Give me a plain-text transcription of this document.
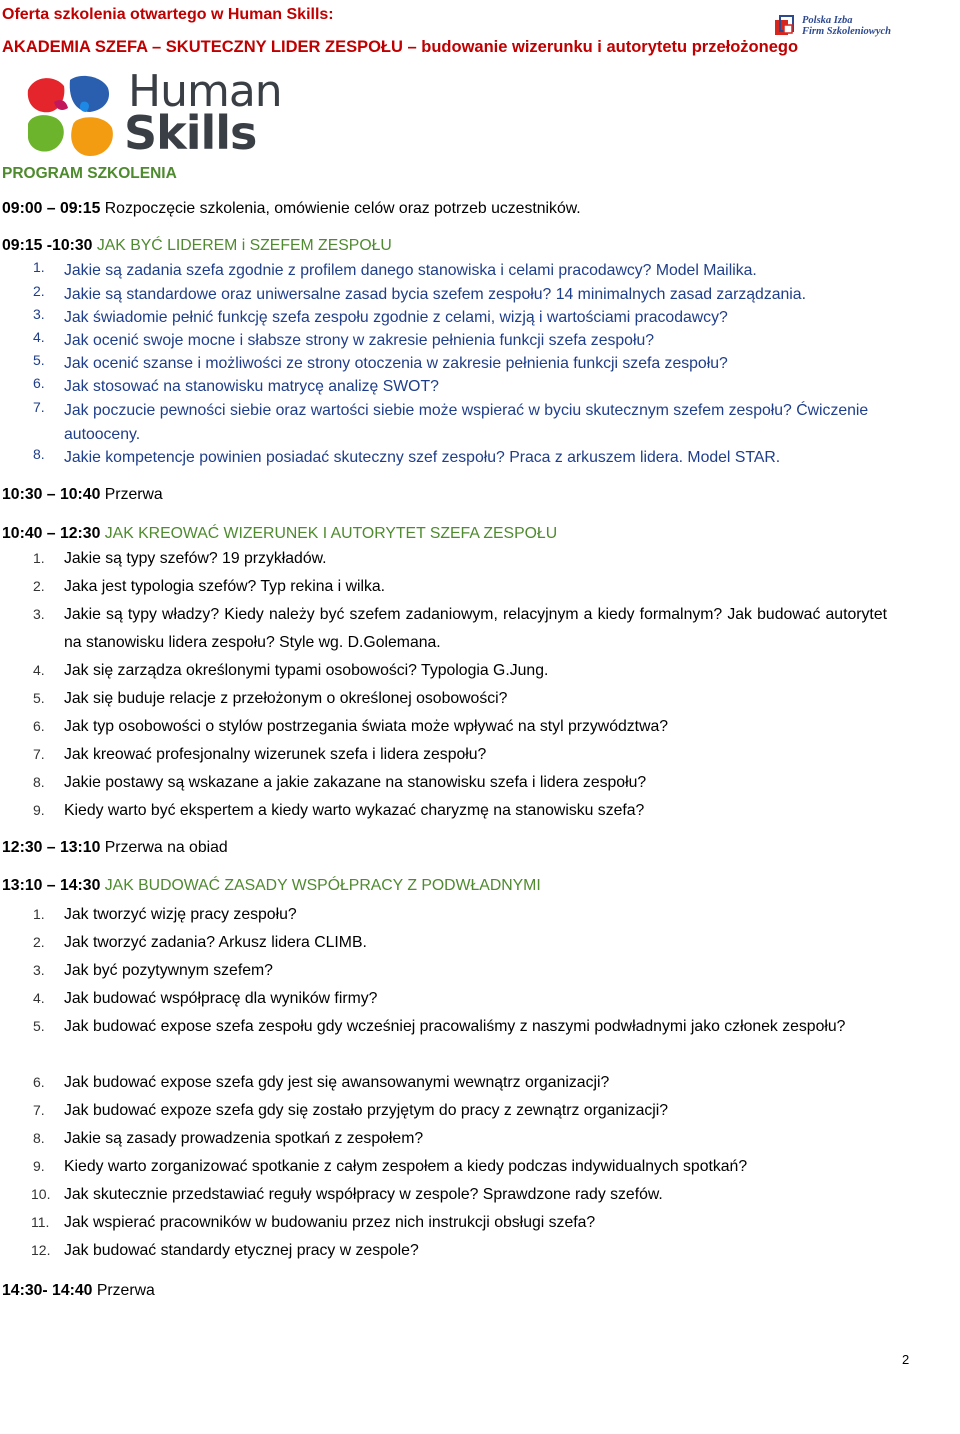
Oferta szkolenia otwartego w Human Skills:

AKADEMIA SZEFA – SKUTECZNY LIDER ZESPOŁU – budowanie wizerunku i autorytetu przełożonego

Polska Izba
Firm Szkoleniowych
Human
Skills

PROGRAM SZKOLENIA

09:00 – 09:15 Rozpoczęcie szkolenia, omówienie celów oraz potrzeb uczestników.
09:15 -10:30 JAK BYĆ LIDEREM i SZEFEM ZESPOŁU
1.	Jakie są zadania szefa zgodnie z profilem danego stanowiska i celami pracodawcy? Model Mailika.
2.	Jakie są standardowe oraz uniwersalne zasad bycia szefem zespołu? 14 minimalnych zasad zarządzania.
3.	Jak świadomie pełnić funkcję szefa zespołu zgodnie z celami, wizją i wartościami pracodawcy?
4.	Jak ocenić swoje mocne i słabsze strony w zakresie pełnienia funkcji szefa zespołu?
5.	Jak ocenić szanse i możliwości ze strony otoczenia w zakresie pełnienia funkcji szefa zespołu?
6.	Jak stosować na stanowisku matrycę analizę SWOT?
7.	Jak poczucie pewności siebie oraz wartości siebie może wspierać w byciu skutecznym szefem zespołu? Ćwiczenie autooceny.
8.	Jakie kompetencje powinien posiadać skuteczny szef zespołu? Praca z arkuszem lidera. Model STAR.
10:30 – 10:40 Przerwa
10:40 – 12:30 JAK KREOWAĆ WIZERUNEK I AUTORYTET SZEFA ZESPOŁU
1.	Jakie są typy szefów? 19 przykładów.
2.	Jaka jest typologia szefów? Typ rekina i wilka.
3.	Jakie są typy władzy? Kiedy należy być szefem zadaniowym, relacyjnym a kiedy formalnym? Jak budować autorytet na stanowisku lidera zespołu? Style wg. D.Golemana.
4.	Jak się zarządza określonymi typami osobowości? Typologia G.Jung.
5.	Jak się buduje relacje z przełożonym o określonej osobowości?
6.	Jak typ osobowości o stylów postrzegania świata może wpływać na styl przywództwa?
7.	Jak kreować profesjonalny wizerunek szefa i lidera zespołu?
8.	Jakie postawy są wskazane a jakie zakazane na stanowisku szefa i lidera zespołu?
9.	Kiedy warto być ekspertem a kiedy warto wykazać charyzmę na stanowisku szefa?
12:30 – 13:10 Przerwa na obiad
13:10 – 14:30 JAK BUDOWAĆ ZASADY WSPÓŁPRACY Z PODWŁADNYMI
1.	Jak tworzyć wizję pracy zespołu?
2.	Jak tworzyć zadania? Arkusz lidera CLIMB.
3.	Jak być pozytywnym szefem?
4.	Jak budować współpracę dla wyników firmy?
5.	Jak budować expose szefa zespołu gdy wcześniej pracowaliśmy z naszymi podwładnymi jako członek zespołu?
6.	Jak budować expose szefa gdy jest się awansowanymi wewnątrz organizacji?
7.	Jak budować expoze szefa gdy się zostało przyjętym do pracy z zewnątrz organizacji?
8.	Jakie są zasady prowadzenia spotkań z zespołem?
9.	Kiedy warto zorganizować spotkanie z całym zespołem a kiedy podczas indywidualnych spotkań?
10. Jak skutecznie przedstawiać reguły współpracy w zespole? Sprawdzone rady szefów.
11. Jak wspierać pracowników w budowaniu przez nich instrukcji obsługi szefa?
12. Jak budować standardy etycznej pracy w zespole?
14:30- 14:40 Przerwa
2
